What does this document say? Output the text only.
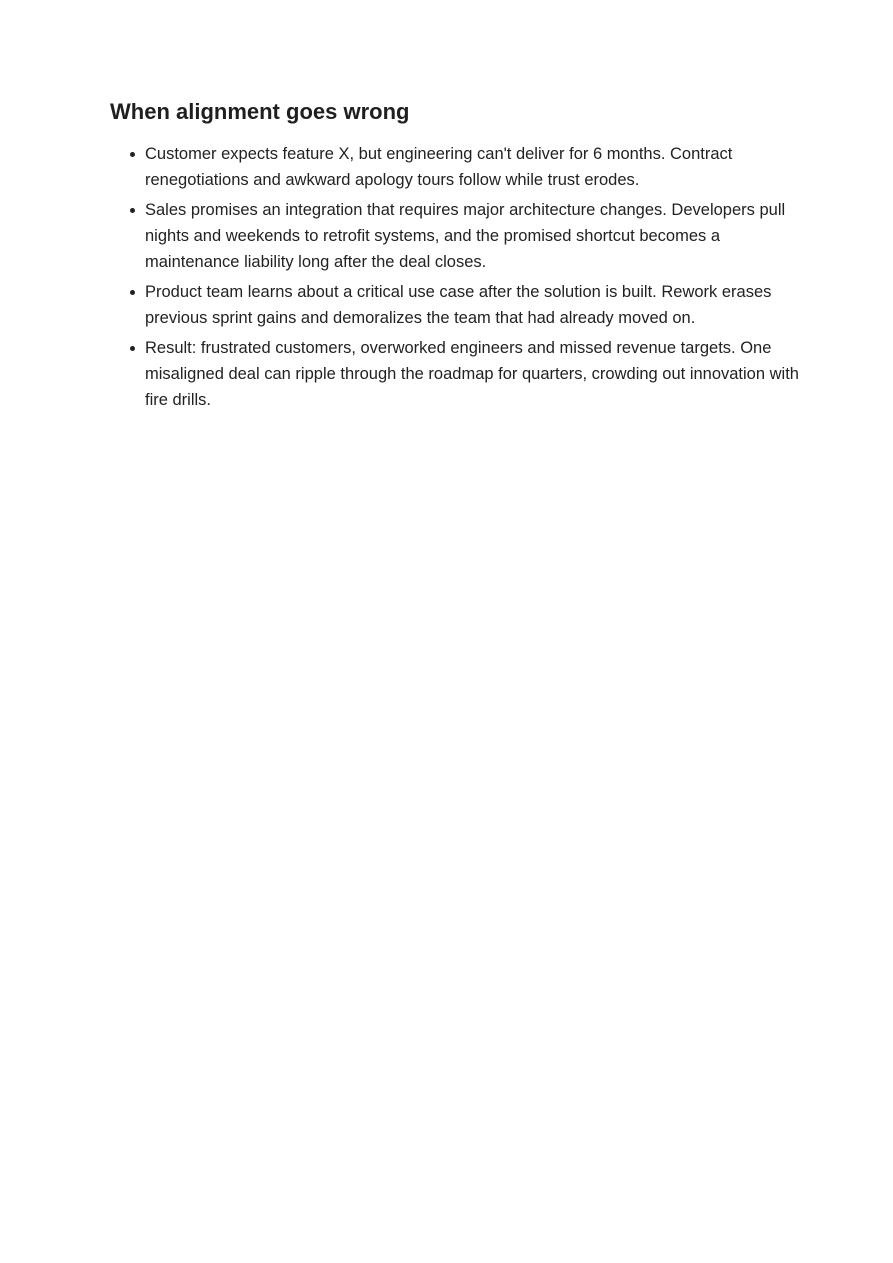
When alignment goes wrong
Customer expects feature X, but engineering can't deliver for 6 months. Contract renegotiations and awkward apology tours follow while trust erodes.
Sales promises an integration that requires major architecture changes. Developers pull nights and weekends to retrofit systems, and the promised shortcut becomes a maintenance liability long after the deal closes.
Product team learns about a critical use case after the solution is built. Rework erases previous sprint gains and demoralizes the team that had already moved on.
Result: frustrated customers, overworked engineers and missed revenue targets. One misaligned deal can ripple through the roadmap for quarters, crowding out innovation with fire drills.
